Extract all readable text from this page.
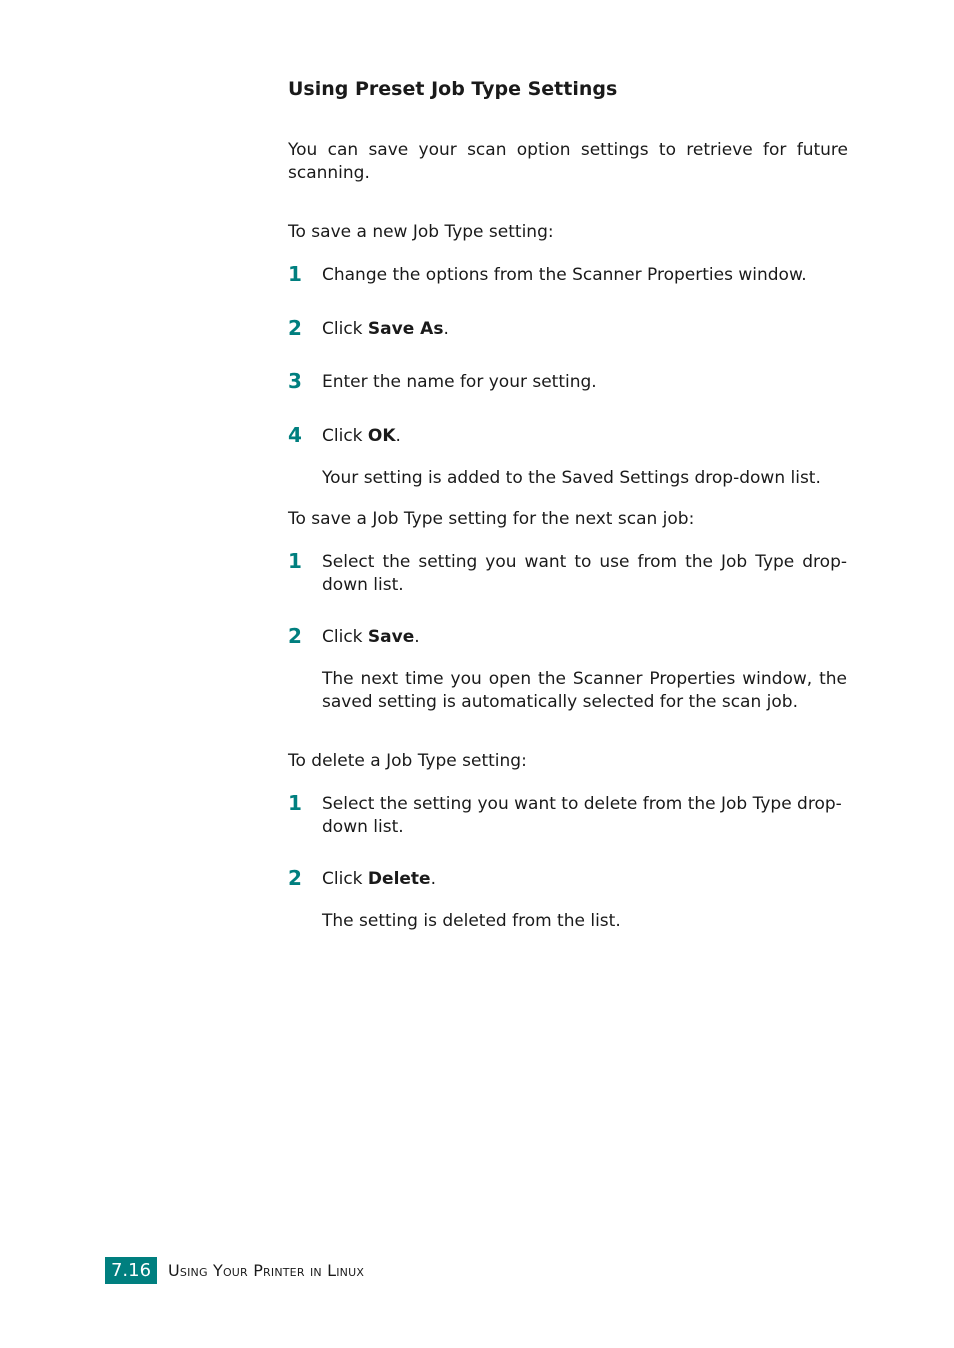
Using Preset Job Type Settings
You can save your scan option settings to retrieve for future scanning.
To save a new Job Type setting:
1 Change the options from the Scanner Properties window.
2 Click Save As.
3 Enter the name for your setting.
4 Click OK.
Your setting is added to the Saved Settings drop-down list.
To save a Job Type setting for the next scan job:
1 Select the setting you want to use from the Job Type drop-down list.
2 Click Save.
The next time you open the Scanner Properties window, the saved setting is automatically selected for the scan job.
To delete a Job Type setting:
1 Select the setting you want to delete from the Job Type drop-down list.
2 Click Delete.
The setting is deleted from the list.
7.16	Using Your Printer in Linux
